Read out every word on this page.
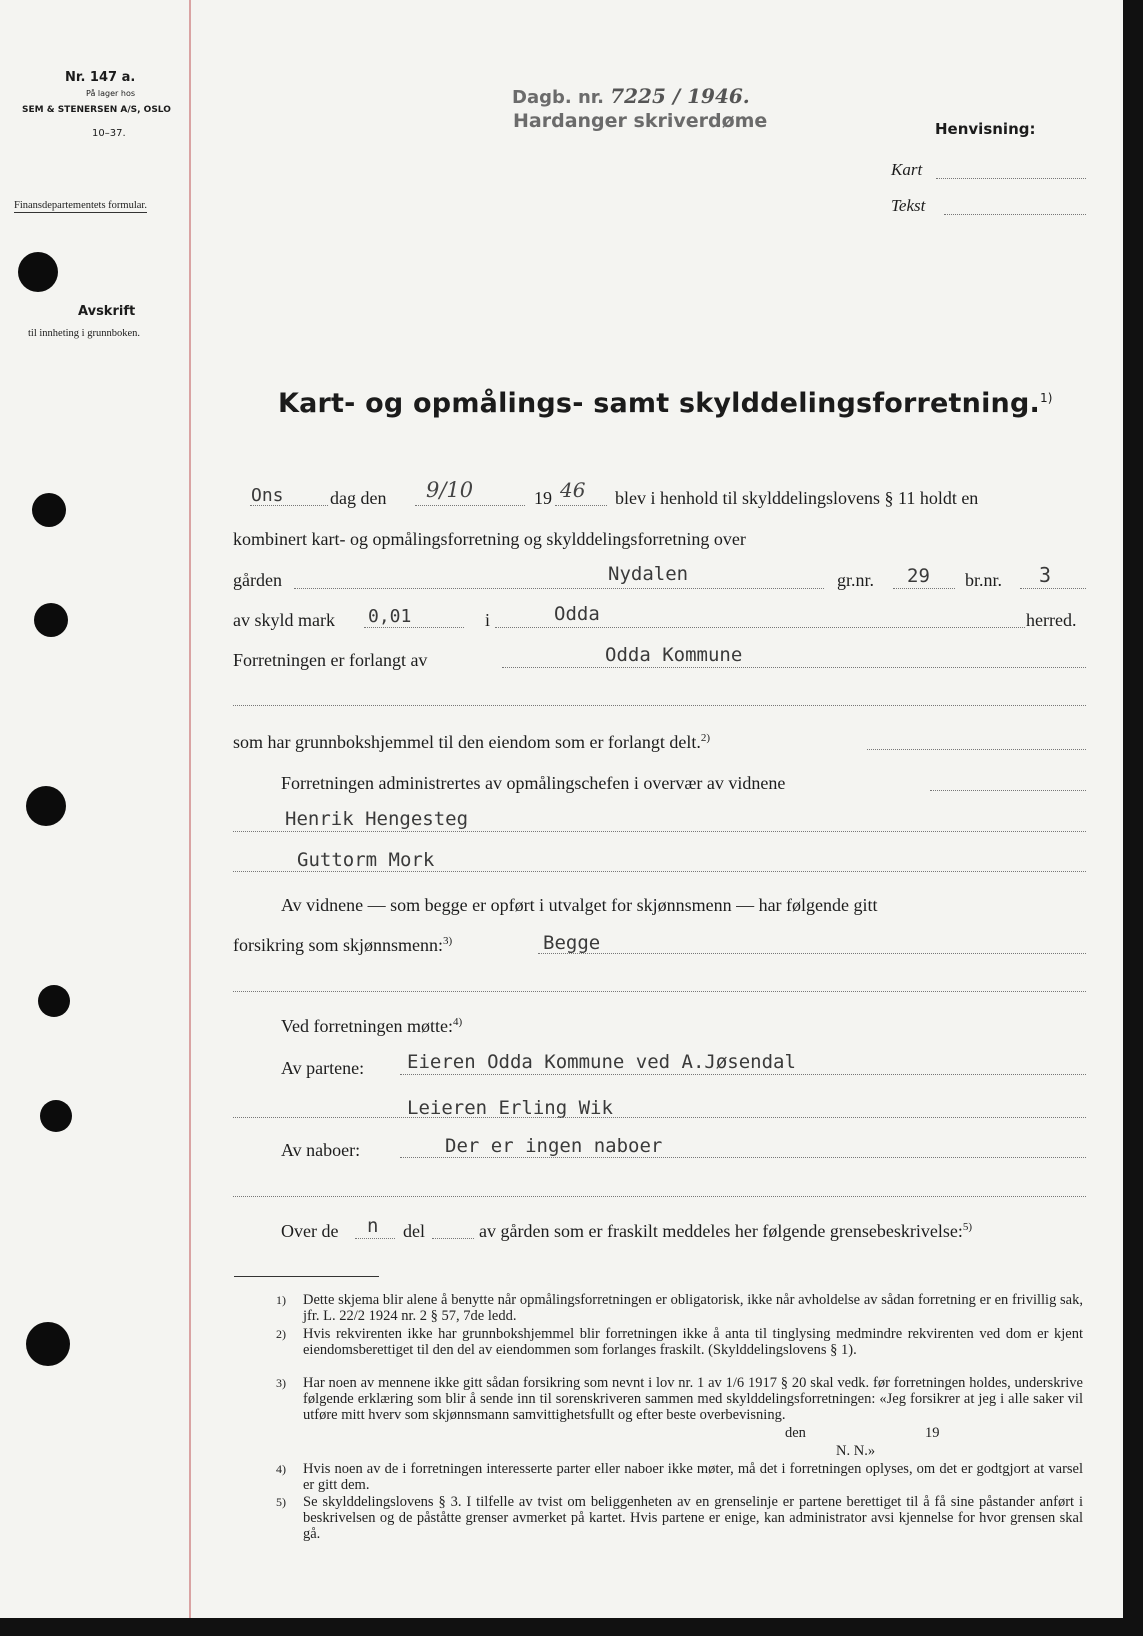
Nr. 147 a.
På lager hos
SEM & STENERSEN A/S, OSLO
10–37.
Finansdepartementets formular.
Avskrift
til innheting i grunnboken.
Dagb. nr. 7225 / 1946.
Hardanger skriverdøme	Henvisning:
Kart
Tekst
Kart- og opmålings- samt skylddelingsforretning.$^{1)}$
Ons	dag den 9/10	19 46 blev i henhold til skylddelingslovens § 11 holdt en
kombinert kart- og opmålingsforretning og skylddelingsforretning over
gården	Nydalen	gr.nr. 29 br.nr. 3
av skyld mark 0,01	i	Odda	herred.
Forretningen er forlangt av	Odda Kommune
som har grunnbokshjemmel til den eiendom som er forlangt delt.$^{2)}$
Forretningen administrertes av opmålingschefen i overvær av vidnene
Henrik Hengesteg
Guttorm Mork
Av vidnene — som begge er opført i utvalget for skjønnsmenn — har følgende gitt
forsikring som skjønnsmenn:$^{3)}$	Begge
Ved forretningen møtte:$^{4)}$
Av partene: Eieren Odda Kommune ved A.Jøsendal
Leieren Erling Wik
Av naboer:	Der er ingen naboer
Over de n del	av gården som er fraskilt meddeles her følgende grensebeskrivelse:$^{5)}$
1) Dette skjema blir alene å benytte når opmålingsforretningen er obligatorisk, ikke når avholdelse av sådan forretning er en frivillig sak, jfr. L. 22/2 1924 nr. 2 § 57, 7de ledd.
2) Hvis rekvirenten ikke har grunnbokshjemmel blir forretningen ikke å anta til tinglysing medmindre rekvirenten ved dom er kjent eiendomsberettiget til den del av eiendommen som forlanges fraskilt. (Skylddelingslovens § 1).
3) Har noen av mennene ikke gitt sådan forsikring som nevnt i lov nr. 1 av 1/6 1917 § 20 skal vedk. før forretningen holdes, underskrive følgende erklæring som blir å sende inn til sorenskriveren sammen med skylddelingsforretningen: «Jeg forsikrer at jeg i alle saker vil utføre mitt hverv som skjønnsmann samvittighetsfullt og efter beste overbevisning.
den	19
N. N.»
4) Hvis noen av de i forretningen interesserte parter eller naboer ikke møter, må det i forretningen oplyses, om det er godtgjort at varsel er gitt dem.
5) Se skylddelingslovens § 3. I tilfelle av tvist om beliggenheten av en grenselinje er partene berettiget til å få sine påstander anført i beskrivelsen og de påståtte grenser avmerket på kartet. Hvis partene er enige, kan administrator avsi kjennelse for hvor grensen skal gå.
